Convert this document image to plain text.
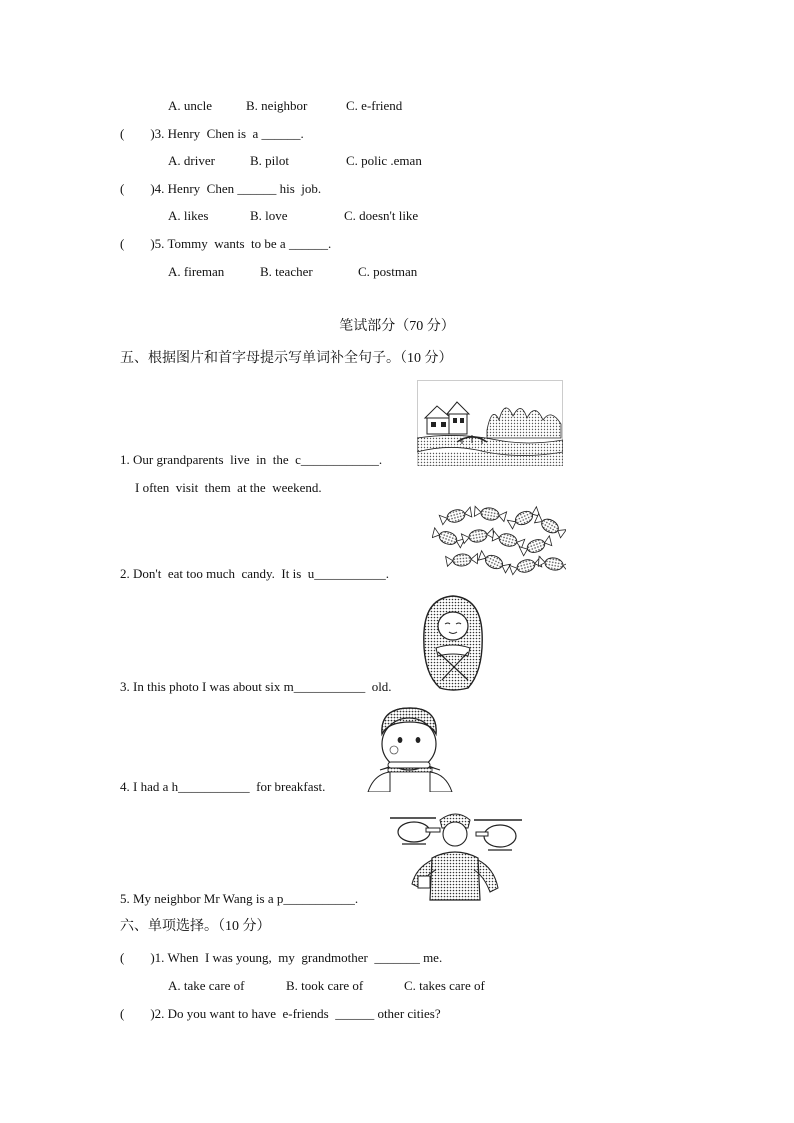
A. uncle	B. neighbor	C. e-friend
( )3. Henry  Chen is  a ______.
A. driver	B. pilot	C. polic .eman
( )4. Henry  Chen ______ his  job.
A. likes	B. love	C. doesn't like
( )5. Tommy  wants  to be a ______.
A. fireman	B. teacher	C. postman
笔试部分（70 分）
五、根据图片和首字母提示写单词补全句子。（10 分）
1. Our grandparents  live  in  the  c____________.
I often  visit  them  at the  weekend.
2. Don't  eat too much  candy.  It is  u___________.
3. In this photo I was about six m___________  old.
4. I had a h___________  for breakfast.
5. My neighbor Mr Wang is a p___________.
六、单项选择。（10 分）
( )1. When  I was young,  my  grandmother  _______ me.
A. take care of	B. took care of	C. takes care of
( )2. Do you want to have  e-friends  ______ other cities?
